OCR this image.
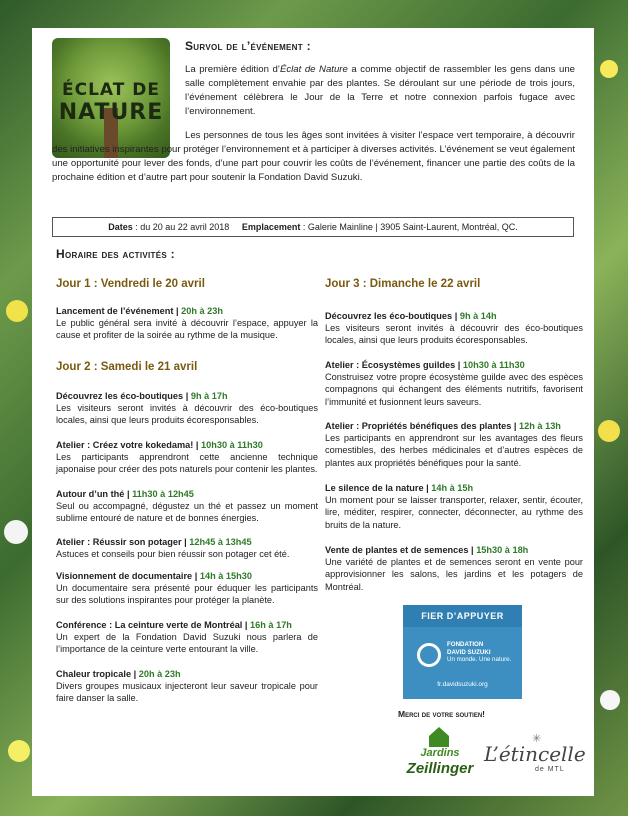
ÉCLAT DE
NATURE
Survol de l’événement :
La première édition d’Éclat de Nature a comme objectif de rassembler les gens dans une salle complètement envahie par des plantes. Se déroulant sur une période de trois jours, l’événement célèbrera le Jour de la Terre et notre connexion parfois fugace avec l’environnement.
Les personnes de tous les âges sont invitées à visiter l’espace vert temporaire, à découvrir des initiatives inspirantes pour protéger l’environnement et à participer à diverses activités. L’événement se veut également une opportunité pour lever des fonds, d’une part pour couvrir les coûts de l’événement, financer une partie des coûts de la prochaine édition et d’autre part pour soutenir la Fondation David Suzuki.
Dates : du 20 au 22 avril 2018 Emplacement : Galerie Mainline | 3905 Saint-Laurent, Montréal, QC.
Horaire des activités :
Jour 1 : Vendredi le 20 avril
Jour 2 : Samedi le 21 avril
Jour 3 : Dimanche le 22 avril
Lancement de l’événement | 20h à 23h
Le public général sera invité à découvrir l’espace, appuyer la cause et profiter de la soirée au rythme de la musique.
Découvrez les éco-boutiques | 9h à 17h
Les visiteurs seront invités à découvrir des éco-boutiques locales, ainsi que leurs produits écoresponsables.
Atelier : Créez votre kokedama! | 10h30 à 11h30
Les participants apprendront cette ancienne technique japonaise pour créer des pots naturels pour contenir les plantes.
Autour d’un thé | 11h30 à 12h45
Seul ou accompagné, dégustez un thé et passez un moment sublime entouré de nature et de bonnes énergies.
Atelier : Réussir son potager | 12h45 à 13h45
Astuces et conseils pour bien réussir son potager cet été.
Visionnement de documentaire | 14h à 15h30
Un documentaire sera présenté pour éduquer les participants sur des solutions inspirantes pour protéger la planète.
Conférence : La ceinture verte de Montréal | 16h à 17h
Un expert de la Fondation David Suzuki nous parlera de l’importance de la ceinture verte entourant la ville.
Chaleur tropicale | 20h à 23h
Divers groupes musicaux injecteront leur saveur tropicale pour faire danser la salle.
Découvrez les éco-boutiques | 9h à 14h
Les visiteurs seront invités à découvrir des éco-boutiques locales, ainsi que leurs produits écoresponsables.
Atelier : Écosystèmes guildes | 10h30 à 11h30
Construisez votre propre écosystème guilde avec des espèces compagnons qui échangent des éléments nutritifs, favorisent l’immunité et fusionnent leurs saveurs.
Atelier : Propriétés bénéfiques des plantes | 12h à 13h
Les participants en apprendront sur les avantages des fleurs comestibles, des herbes médicinales et d’autres espèces de plantes aux propriétés bénéfiques pour la santé.
Le silence de la nature | 14h à 15h
Un moment pour se laisser transporter, relaxer, sentir, écouter, lire, méditer, respirer, connecter, déconnecter, au rythme des bruits de la nature.
Vente de plantes et de semences | 15h30 à 18h
Une variété de plantes et de semences seront en vente pour approvisionner les salons, les jardins et les potagers de Montréal.
FIER D’APPUYER
FONDATION
DAVID SUZUKI
Un monde. Une nature.
fr.davidsuzuki.org
Merci de votre soutien!
Jardins
Zeillinger
✳
L’étincelle
de MTL
